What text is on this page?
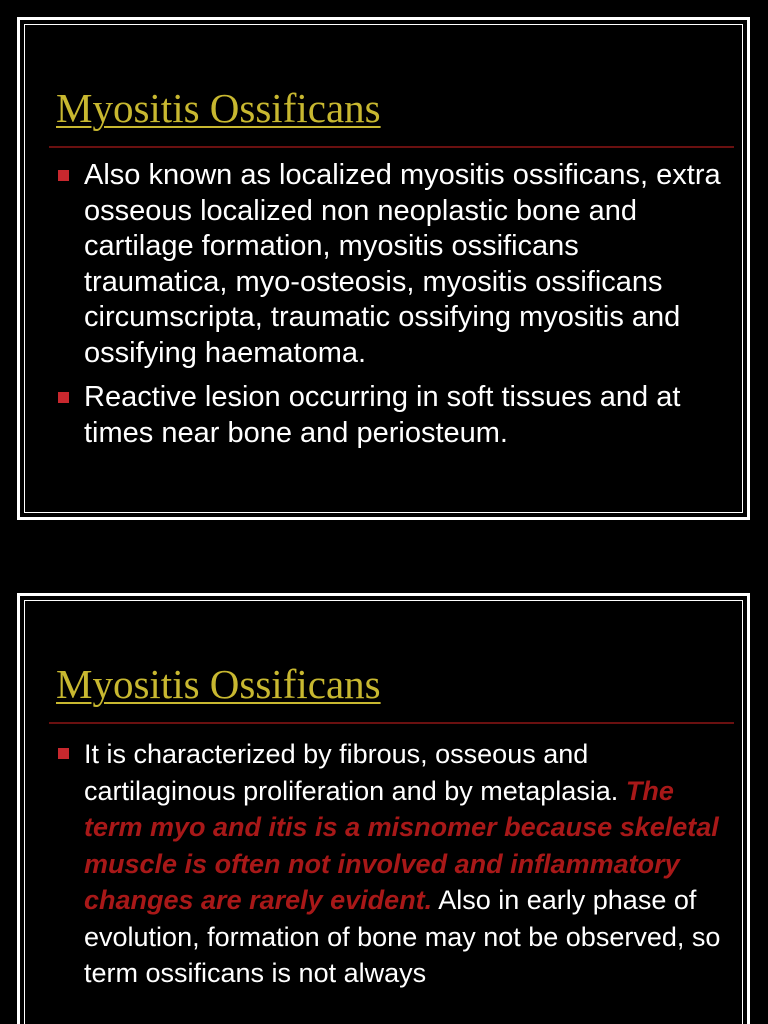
Myositis Ossificans
Also known as localized myositis ossificans, extra osseous localized non neoplastic bone and cartilage formation, myositis ossificans traumatica, myo-osteosis, myositis ossificans circumscripta, traumatic ossifying myositis and ossifying haematoma.
Reactive lesion occurring in soft tissues and at times near bone and periosteum.
Myositis Ossificans
It is characterized by fibrous, osseous and cartilaginous proliferation and by metaplasia. The term myo and itis is a misnomer because skeletal muscle is often not involved and inflammatory changes are rarely evident. Also in early phase of evolution, formation of bone may not be observed, so term ossificans is not always
